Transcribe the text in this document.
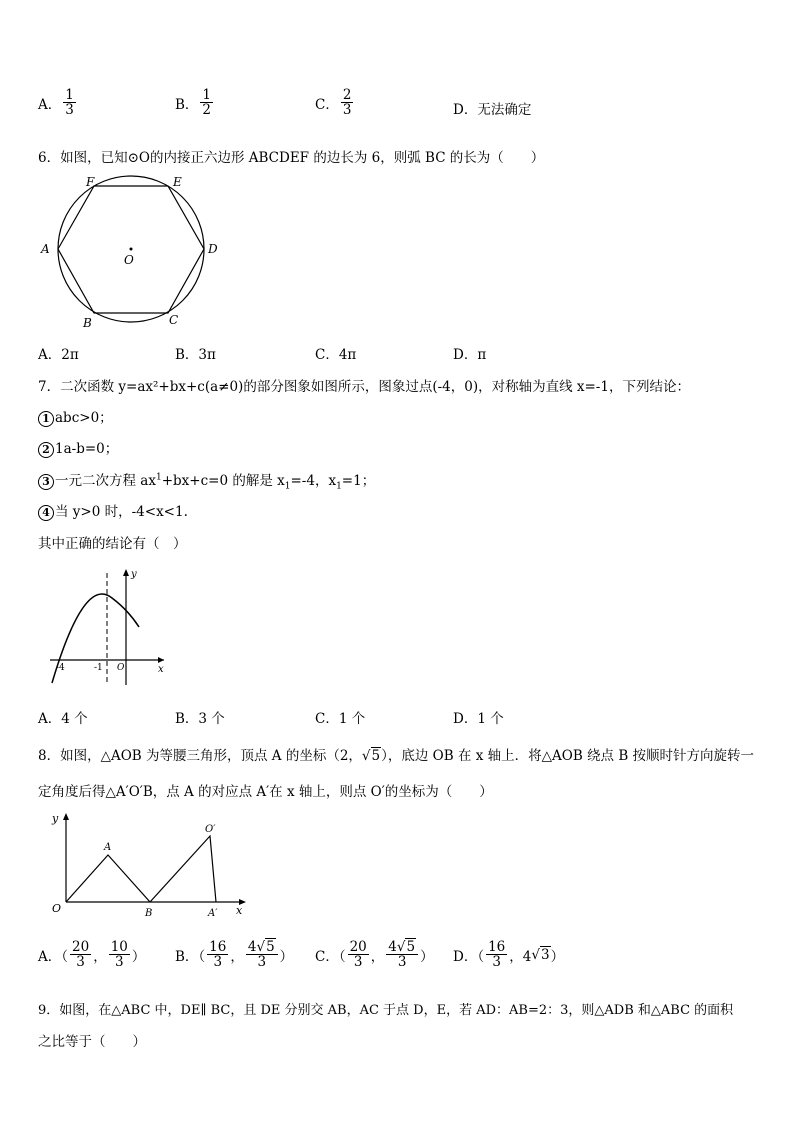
A． $\frac{1}{3}$	B． $\frac{1}{2}$	C． $\frac{2}{3}$	D． 无法确定
6．如图，已知⊙O的内接正六边形 ABCDEF 的边长为 6，则弧 BC 的长为（　　）
F	E
A	D
B	C
O
A．2π	B．3π	C．4π	D．π
7．二次函数 y=ax²+bx+c(a≠0)的部分图象如图所示，图象过点(-4，0)，对称轴为直线 x=-1，下列结论：
1 abc>0；
2 1a-b=0；
3 一元二次方程 $ax^1+bx+c=0$ 的解是 $x_1=-4$，$x_1=1$；
4 当 y>0 时，-4<x<1.
其中正确的结论有（　）
y
x
-4	-1 O
A．4 个	B．3 个	C．1 个	D．1 个
8．如图，△AOB 为等腰三角形，顶点 A 的坐标（2，√5），底边 OB 在 x 轴上．将△AOB 绕点 B 按顺时针方向旋转一
定角度后得△A′O′B，点 A 的对应点 A′在 x 轴上，则点 O′的坐标为（　　）
y
x
O
A
B
O′
A′
A．（ $\frac{20}{3}$ ， $\frac{10}{3}$ ） B．（ $\frac{16}{3}$ ， $\frac{4√5}{3}$ ） C．（ $\frac{20}{3}$ ， $\frac{4√5}{3}$ ） D．（ $\frac{16}{3}$ ，4 √ 3 ）
9．如图，在△ABC 中，DE∥ BC，且 DE 分别交 AB，AC 于点 D，E，若 AD：AB=2：3，则△ADB 和△ABC 的面积
之比等于（　　）
